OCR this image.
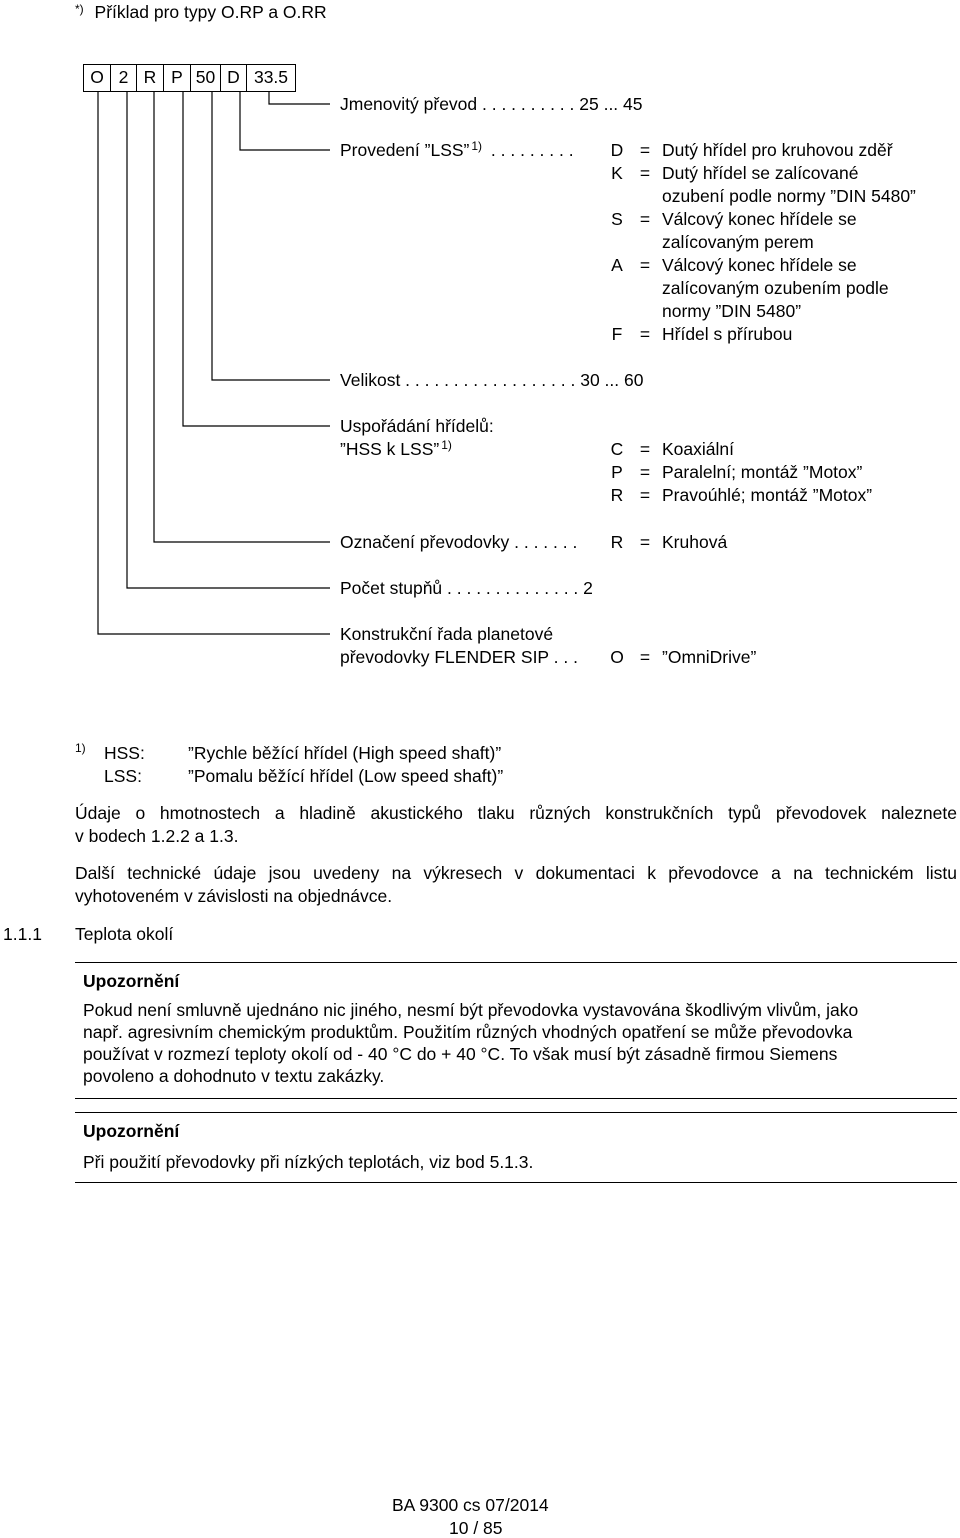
*) Příklad pro typy O.RP a O.RR
O 2 R P 50 D 33.5
Jmenovitý převod . . . . . . . . . . 25 ... 45
Provedení ”LSS” $^{1)}$ . . . . . . . . . D = Dutý hřídel pro kruhovou zděř
K = Dutý hřídel se zalícované
ozubení podle normy ”DIN 5480”
S = Válcový konec hřídele se
zalícovaným perem
A = Válcový konec hřídele se
zalícovaným ozubením podle
normy ”DIN 5480”
F	= Hřídel s přírubou
Velikost . . . . . . . . . . . . . . . . . . 30 ... 60
Uspořádání hřídelů:
”HSS k LSS” $^{1)}$	C = Koaxiální
P = Paralelní; montáž ”Motox”
R = Pravoúhlé; montáž ”Motox”
Označení převodovky . . . . . . . R = Kruhová
Počet stupňů . . . . . . . . . . . . . . 2
Konstrukční řada planetové
převodovky FLENDER SIP . . . O = ”OmniDrive”
1) HSS: ”Rychle běžící hřídel (High speed shaft)”
LSS:	”Pomalu běžící hřídel (Low speed shaft)”
Údaje o hmotnostech a hladině akustického tlaku různých konstrukčních typů převodovek naleznete
v bodech 1.2.2 a 1.3.
Další technické údaje jsou uvedeny na výkresech v dokumentaci k převodovce a na technickém listu
vyhotoveném v závislosti na objednávce.
1.1.1 Teplota okolí
Upozornění
Pokud není smluvně ujednáno nic jiného, nesmí být převodovka vystavována škodlivým vlivům, jako
např. agresivním chemickým produktům. Použitím různých vhodných opatření se může převodovka
používat v rozmezí teploty okolí od - 40 °C do + 40 °C. To však musí být zásadně firmou Siemens
povoleno a dohodnuto v textu zakázky.
Upozornění
Při použití převodovky při nízkých teplotách, viz bod 5.1.3.
BA 9300 cs 07/2014
10 / 85
